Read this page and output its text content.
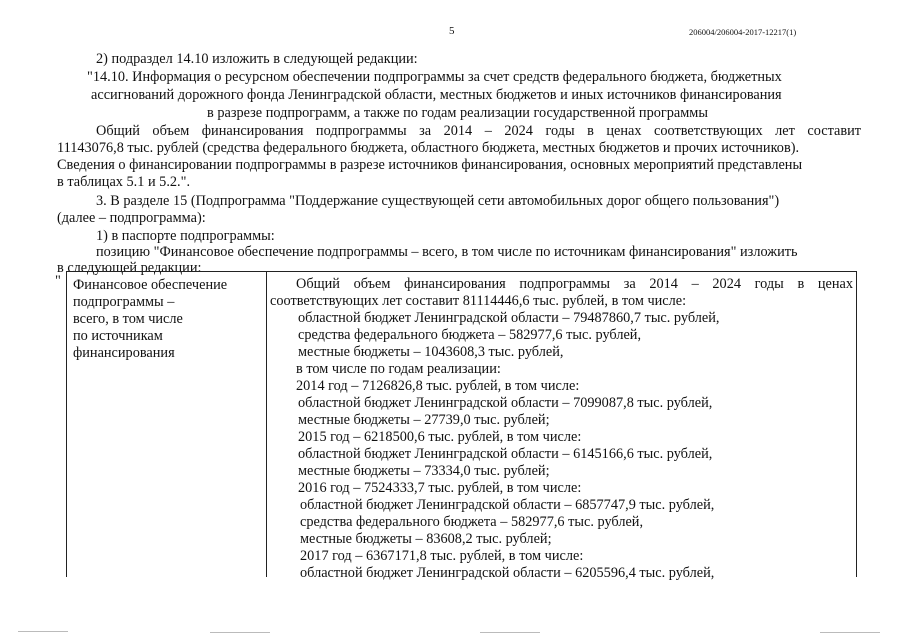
5	206004/206004-2017-12217(1)
2) подраздел 14.10 изложить в следующей редакции:
"14.10. Информация о ресурсном обеспечении подпрограммы за счет средств федерального бюджета, бюджетных
ассигнований дорожного фонда Ленинградской области, местных бюджетов и иных источников финансирования
в разрезе подпрограмм, а также по годам реализации государственной программы
Общий объем финансирования подпрограммы за 2014 – 2024 годы в ценах соответствующих лет составит
11143076,8 тыс. рублей (средства федерального бюджета, областного бюджета, местных бюджетов и прочих источников).
Сведения о финансировании подпрограммы в разрезе источников финансирования, основных мероприятий представлены
в таблицах 5.1 и 5.2.".
3. В разделе 15 (Подпрограмма "Поддержание существующей сети автомобильных дорог общего пользования")
(далее – подпрограмма):
1) в паспорте подпрограммы:
позицию "Финансовое обеспечение подпрограммы – всего, в том числе по источникам финансирования" изложить
в следующей редакции:
" Финансовое обеспечение
подпрограммы –
всего, в том числе
по источникам
финансирования
Общий объем финансирования подпрограммы за 2014 – 2024 годы в ценах
соответствующих лет составит 81114446,6 тыс. рублей, в том числе:
областной бюджет Ленинградской области – 79487860,7 тыс. рублей,
средства федерального бюджета – 582977,6 тыс. рублей,
местные бюджеты – 1043608,3 тыс. рублей,
в том числе по годам реализации:
2014 год – 7126826,8 тыс. рублей, в том числе:
областной бюджет Ленинградской области – 7099087,8 тыс. рублей,
местные бюджеты – 27739,0 тыс. рублей;
2015 год – 6218500,6 тыс. рублей, в том числе:
областной бюджет Ленинградской области – 6145166,6 тыс. рублей,
местные бюджеты – 73334,0 тыс. рублей;
2016 год – 7524333,7 тыс. рублей, в том числе:
областной бюджет Ленинградской области – 6857747,9 тыс. рублей,
средства федерального бюджета – 582977,6 тыс. рублей,
местные бюджеты – 83608,2 тыс. рублей;
2017 год – 6367171,8 тыс. рублей, в том числе:
областной бюджет Ленинградской области – 6205596,4 тыс. рублей,
